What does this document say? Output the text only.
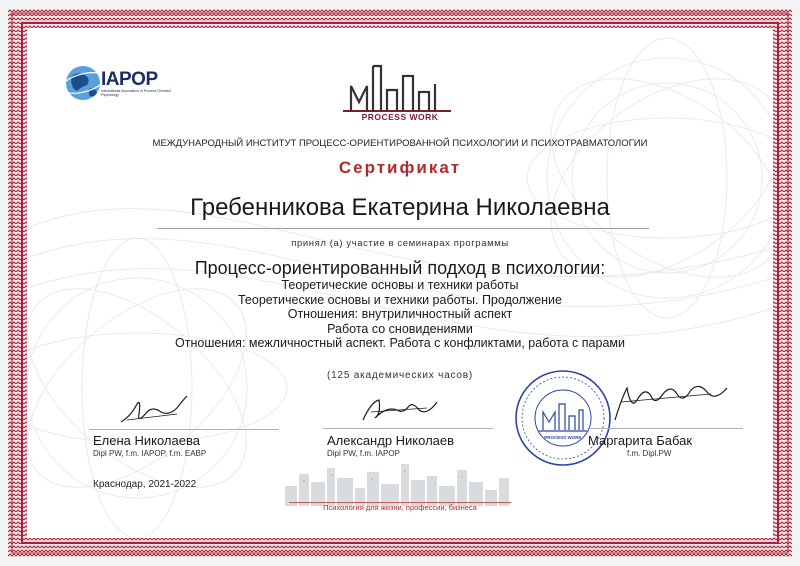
IAPOP
International Association of Process Oriented Psychology
PROCESS WORK
МЕЖДУНАРОДНЫЙ ИНСТИТУТ ПРОЦЕСС-ОРИЕНТИРОВАННОЙ ПСИХОЛОГИИ И ПСИХОТРАВМАТОЛОГИИ
Сертификат
Гребенникова Екатерина Николаевна
принял (а) участие в семинарах программы
Процесс-ориентированный подход в психологии:
Теоретические основы и техники работы
Теоретические основы и техники работы. Продолжение
Отношения: внутриличностный аспект
Работа со сновидениями
Отношения: межличностный аспект. Работа с конфликтами, работа с парами
(125 академических часов)
Елена Николаева
Dipl PW, f.m. IAPOP, f.m. EABP
Александр Николаев
Dipl PW, f.m. IAPOP
PROCESS WORK Маргарита Бабак
f.m. Dipl.PW
Краснодар, 2021-2022
Психология для жизни, профессии, бизнеса
